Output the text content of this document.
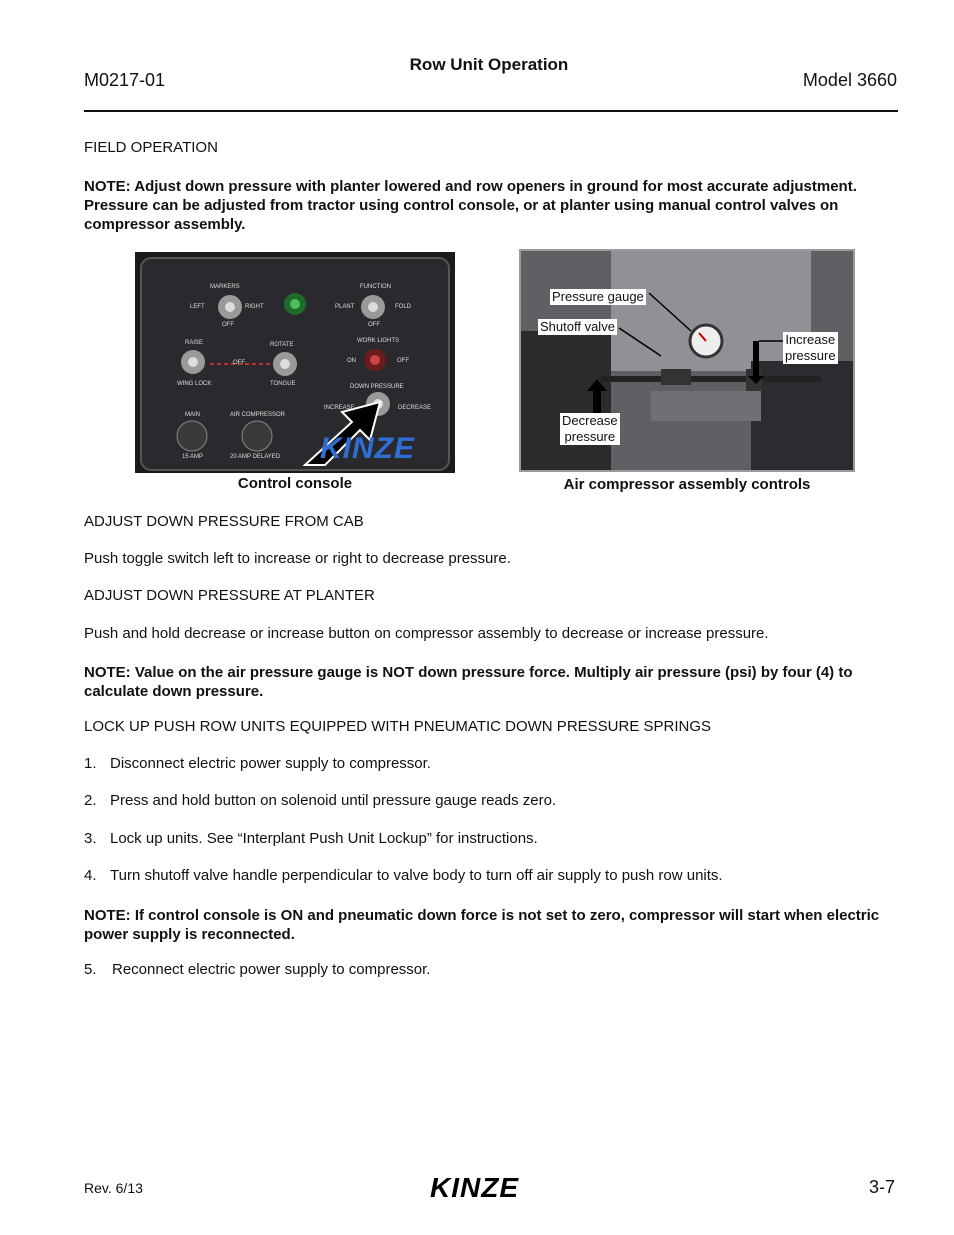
M0217-01
Row Unit Operation
Model 3660
FIELD OPERATION
NOTE: Adjust down pressure with planter lowered and row openers in ground for most accurate adjustment. Pressure can be adjusted from tractor using control console, or at planter using manual control valves on compressor assembly.
MARKERS
LEFT	RIGHT
OFF
FUNCTION
PLANT	FOLD
OFF
RAISE
WING LOCK
OFF
ROTATE
TONGUE
WORK LIGHTS
ON	OFF
DOWN PRESSURE
INCREASE	DECREASE
MAIN	AIR COMPRESSOR
15 AMP	20 AMP DELAYED KINZE
Control console
Pressure gauge
Shutoff valve
Increase
pressure
Decrease
pressure
Air compressor assembly controls
ADJUST DOWN PRESSURE FROM CAB
Push toggle switch left to increase or right to decrease pressure.
ADJUST DOWN PRESSURE AT PLANTER
Push and hold decrease or increase button on compressor assembly to decrease or increase pressure.
NOTE: Value on the air pressure gauge is NOT down pressure force. Multiply air pressure (psi) by four (4) to calculate down pressure.
LOCK UP PUSH ROW UNITS EQUIPPED WITH PNEUMATIC DOWN PRESSURE SPRINGS
1. Disconnect electric power supply to compressor.
2. Press and hold button on solenoid until pressure gauge reads zero.
3. Lock up units. See “Interplant Push Unit Lockup” for instructions.
4. Turn shutoff valve handle perpendicular to valve body to turn off air supply to push row units.
NOTE: If control console is ON and pneumatic down force is not set to zero, compressor will start when electric power supply is reconnected.
5. Reconnect electric power supply to compressor.
Rev. 6/13	KINZE	3-7
